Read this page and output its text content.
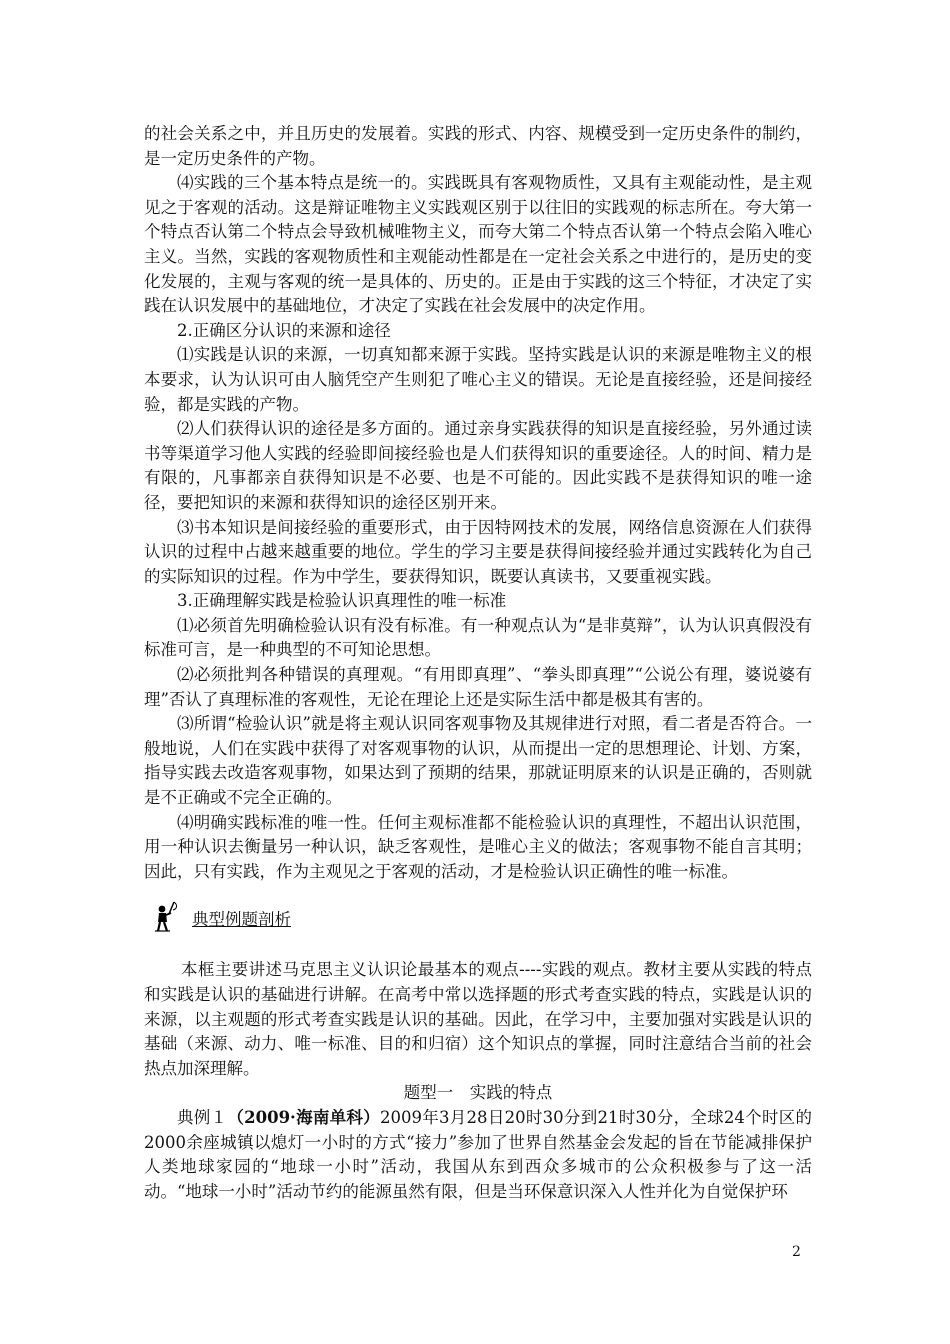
的社会关系之中，并且历史的发展着。实践的形式、内容、规模受到一定历史条件的制约，是一定历史条件的产物。

⑷实践的三个基本特点是统一的。实践既具有客观物质性，又具有主观能动性，是主观见之于客观的活动。这是辩证唯物主义实践观区别于以往旧的实践观的标志所在。夸大第一个特点否认第二个特点会导致机械唯物主义，而夸大第二个特点否认第一个特点会陷入唯心主义。当然，实践的客观物质性和主观能动性都是在一定社会关系之中进行的，是历史的变化发展的，主观与客观的统一是具体的、历史的。正是由于实践的这三个特征，才决定了实践在认识发展中的基础地位，才决定了实践在社会发展中的决定作用。

2.正确区分认识的来源和途径

⑴实践是认识的来源，一切真知都来源于实践。坚持实践是认识的来源是唯物主义的根本要求，认为认识可由人脑凭空产生则犯了唯心主义的错误。无论是直接经验，还是间接经验，都是实践的产物。

⑵人们获得认识的途径是多方面的。通过亲身实践获得的知识是直接经验，另外通过读书等渠道学习他人实践的经验即间接经验也是人们获得知识的重要途径。人的时间、精力是有限的，凡事都亲自获得知识是不必要、也是不可能的。因此实践不是获得知识的唯一途径，要把知识的来源和获得知识的途径区别开来。

⑶书本知识是间接经验的重要形式，由于因特网技术的发展，网络信息资源在人们获得认识的过程中占越来越重要的地位。学生的学习主要是获得间接经验并通过实践转化为自己的实际知识的过程。作为中学生，要获得知识，既要认真读书，又要重视实践。

3.正确理解实践是检验认识真理性的唯一标准

⑴必须首先明确检验认识有没有标准。有一种观点认为“是非莫辩”，认为认识真假没有标准可言，是一种典型的不可知论思想。

⑵必须批判各种错误的真理观。“有用即真理”、“拳头即真理”“公说公有理，婆说婆有理”否认了真理标准的客观性，无论在理论上还是实际生活中都是极其有害的。

⑶所谓“检验认识”就是将主观认识同客观事物及其规律进行对照，看二者是否符合。一般地说，人们在实践中获得了对客观事物的认识，从而提出一定的思想理论、计划、方案，指导实践去改造客观事物，如果达到了预期的结果，那就证明原来的认识是正确的，否则就是不正确或不完全正确的。

⑷明确实践标准的唯一性。任何主观标准都不能检验认识的真理性，不超出认识范围，用一种认识去衡量另一种认识，缺乏客观性，是唯心主义的做法；客观事物不能自言其明；因此，只有实践，作为主观见之于客观的活动，才是检验认识正确性的唯一标准。

典型例题剖析

本框主要讲述马克思主义认识论最基本的观点----实践的观点。教材主要从实践的特点和实践是认识的基础进行讲解。在高考中常以选择题的形式考查实践的特点，实践是认识的来源，以主观题的形式考查实践是认识的基础。因此，在学习中，主要加强对实践是认识的基础（来源、动力、唯一标准、目的和归宿）这个知识点的掌握，同时注意结合当前的社会热点加深理解。

题型一　实践的特点

典例１（2009·海南单科）2009年3月28日20时30分到21时30分，全球24个时区的2000余座城镇以熄灯一小时的方式“接力”参加了世界自然基金会发起的旨在节能减排保护人类地球家园的“地球一小时”活动，我国从东到西众多城市的公众积极参与了这一活动。“地球一小时”活动节约的能源虽然有限，但是当环保意识深入人性并化为自觉保护环

2
